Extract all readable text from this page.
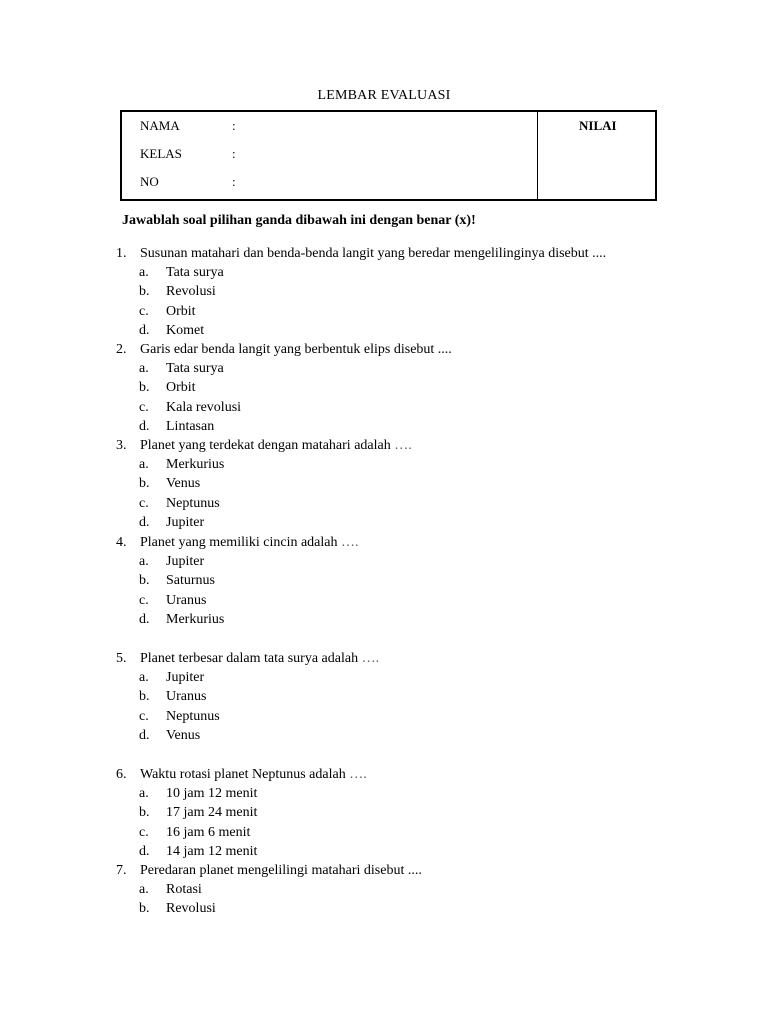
LEMBAR EVALUASI
NAMA	:
KELAS	:
NO	:
NILAI
Jawablah soal pilihan ganda dibawah ini dengan benar (x)!
1. Susunan matahari dan benda-benda langit yang beredar mengelilinginya disebut ....
a. Tata surya
b. Revolusi
c. Orbit
d. Komet
2. Garis edar benda langit yang berbentuk elips disebut ....
a. Tata surya
b. Orbit
c. Kala revolusi
d. Lintasan
3. Planet yang terdekat dengan matahari adalah ….
a. Merkurius
b. Venus
c. Neptunus
d. Jupiter
4. Planet yang memiliki cincin adalah ….
a. Jupiter
b. Saturnus
c. Uranus
d. Merkurius
5. Planet terbesar dalam tata surya adalah ….
a. Jupiter
b. Uranus
c. Neptunus
d. Venus
6. Waktu rotasi planet Neptunus adalah ….
a. 10 jam 12 menit
b. 17 jam 24 menit
c. 16 jam 6 menit
d. 14 jam 12 menit
7. Peredaran planet mengelilingi matahari disebut ....
a. Rotasi
b. Revolusi
